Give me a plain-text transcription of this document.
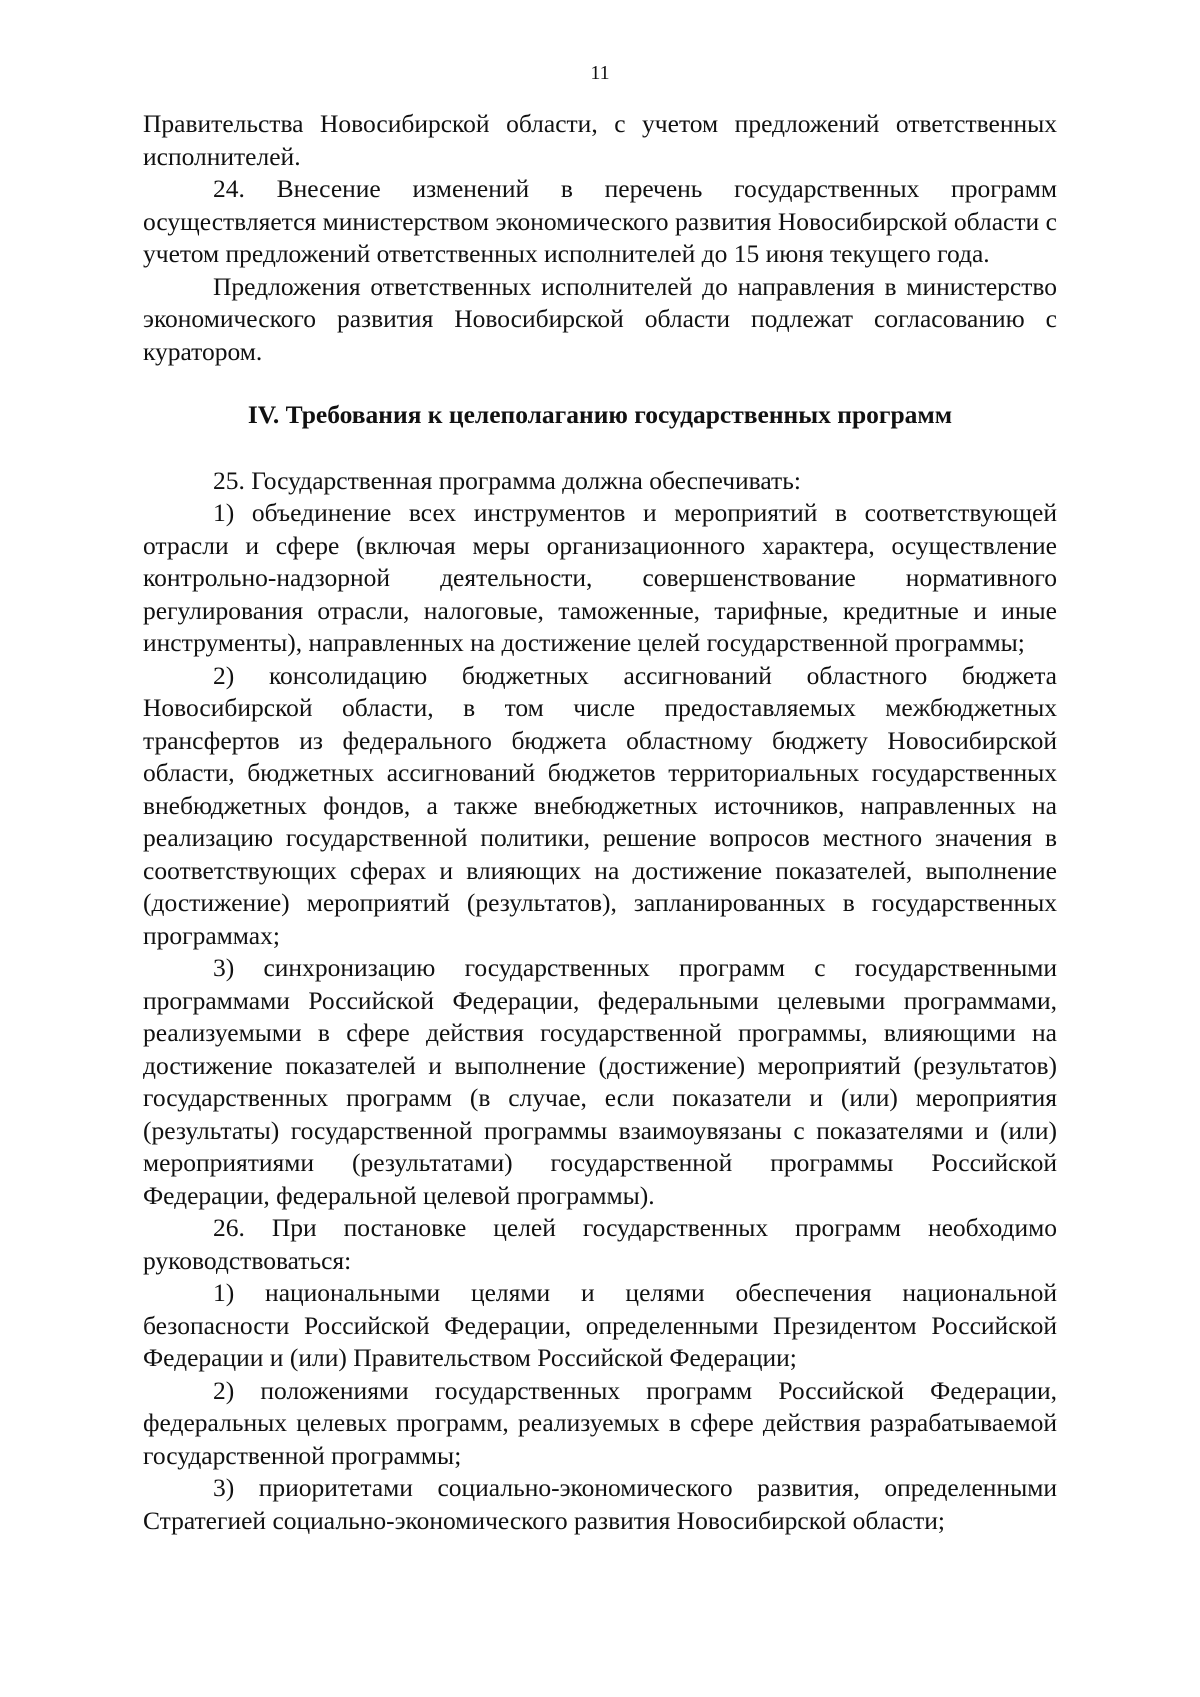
11

Правительства Новосибирской области, с учетом предложений ответственных исполнителей.

24. Внесение изменений в перечень государственных программ осуществляется министерством экономического развития Новосибирской области с учетом предложений ответственных исполнителей до 15 июня текущего года.

Предложения ответственных исполнителей до направления в министерство экономического развития Новосибирской области подлежат согласованию с куратором.

IV. Требования к целеполаганию государственных программ

25. Государственная программа должна обеспечивать:

1) объединение всех инструментов и мероприятий в соответствующей отрасли и сфере (включая меры организационного характера, осуществление контрольно-надзорной деятельности, совершенствование нормативного регулирования отрасли, налоговые, таможенные, тарифные, кредитные и иные инструменты), направленных на достижение целей государственной программы;

2) консолидацию бюджетных ассигнований областного бюджета Новосибирской области, в том числе предоставляемых межбюджетных трансфертов из федерального бюджета областному бюджету Новосибирской области, бюджетных ассигнований бюджетов территориальных государственных внебюджетных фондов, а также внебюджетных источников, направленных на реализацию государственной политики, решение вопросов местного значения в соответствующих сферах и влияющих на достижение показателей, выполнение (достижение) мероприятий (результатов), запланированных в государственных программах;

3) синхронизацию государственных программ с государственными программами Российской Федерации, федеральными целевыми программами, реализуемыми в сфере действия государственной программы, влияющими на достижение показателей и выполнение (достижение) мероприятий (результатов) государственных программ (в случае, если показатели и (или) мероприятия (результаты) государственной программы взаимоувязаны с показателями и (или) мероприятиями (результатами) государственной программы Российской Федерации, федеральной целевой программы).

26. При постановке целей государственных программ необходимо руководствоваться:

1) национальными целями и целями обеспечения национальной безопасности Российской Федерации, определенными Президентом Российской Федерации и (или) Правительством Российской Федерации;

2) положениями государственных программ Российской Федерации, федеральных целевых программ, реализуемых в сфере действия разрабатываемой государственной программы;

3) приоритетами социально-экономического развития, определенными Стратегией социально-экономического развития Новосибирской области;
